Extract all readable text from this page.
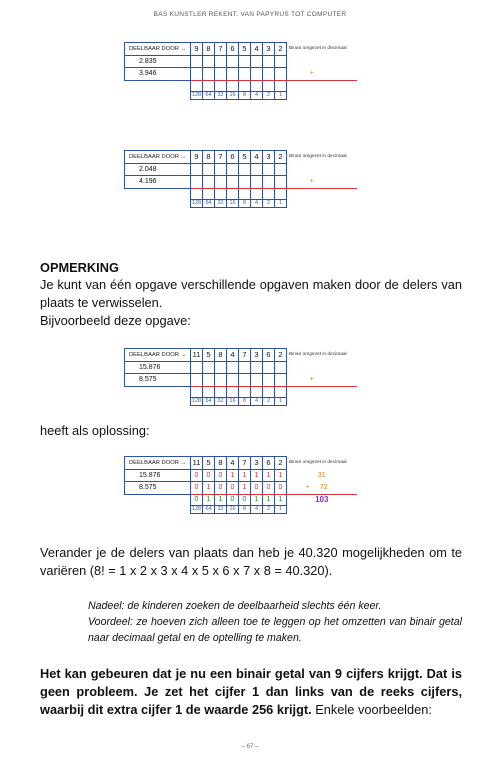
BAS KUNSTLER REKENT. VAN PAPYRUS TOT COMPUTER
DEELBAAR DOOR →	9	8	7	6	5	4	3	2	Binair omgezet in decimaal
2.835									
3.946									+

	128	64	32	16	8	4	2	1	
DEELBAAR DOOR →	9	8	7	6	5	4	3	2	Binair omgezet in decimaal
2.048									
4.196									+

	128	64	32	16	8	4	2	1	
DEELBAAR DOOR →	11	5	8	4	7	3	6	2	Binair omgezet in decimaal
15.876									
8.575									+

	128	64	32	16	8	4	2	1	
DEELBAAR DOOR →	11	5	8	4	7	3	6	2	Binair omgezet in decimaal
15.876	0	0	0	1	1	1	1	1	31
8.575	0	1	0	0	1	0	0	0	+ 72
	0	1	1	0	0	1	1	1	103
	128	64	32	16	8	4	2	1	
OPMERKING
Je kunt van één opgave verschillende opgaven maken door de delers van plaats te verwisselen.
Bijvoorbeeld deze opgave:
heeft als oplossing:
Verander je de delers van plaats dan heb je 40.320 mogelijkheden om te variëren (8! = 1 x 2 x 3 x 4 x 5 x 6 x 7 x 8 = 40.320).
Nadeel: de kinderen zoeken de deelbaarheid slechts één keer.
Voordeel: ze hoeven zich alleen toe te leggen op het omzetten van binair getal naar decimaal getal en de optelling te maken.
Het kan gebeuren dat je nu een binair getal van 9 cijfers krijgt. Dat is geen probleem. Je zet het cijfer 1 dan links van de reeks cijfers, waarbij dit extra cijfer 1 de waarde 256 krijgt. Enkele voorbeelden:
– 67 –
